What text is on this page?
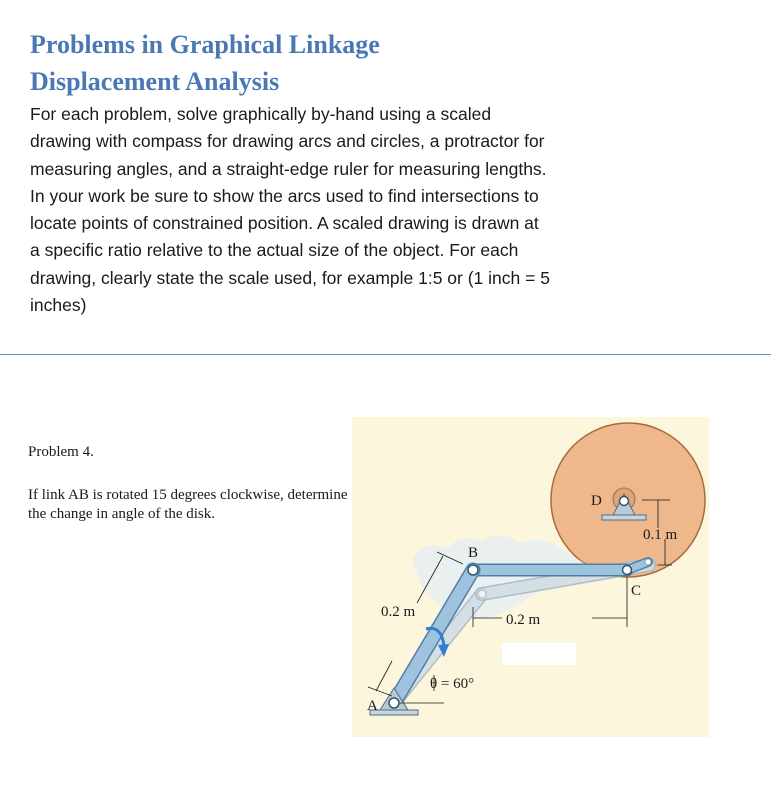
Problems in Graphical Linkage
Displacement Analysis

For each problem, solve graphically by-hand using a scaled drawing with compass for drawing arcs and circles, a protractor for measuring angles, and a straight-edge ruler for measuring lengths. In your work be sure to show the arcs used to find intersections to locate points of constrained position. A scaled drawing is drawn at a specific ratio relative to the actual size of the object. For each drawing, clearly state the scale used, for example 1:5 or (1 inch = 5 inches)

Problem 4.
If link AB is rotated 15 degrees clockwise, determine the change in angle of the disk.
A
B
C
D
0.2 m	0.2 m
0.1 m
θ = 60°
